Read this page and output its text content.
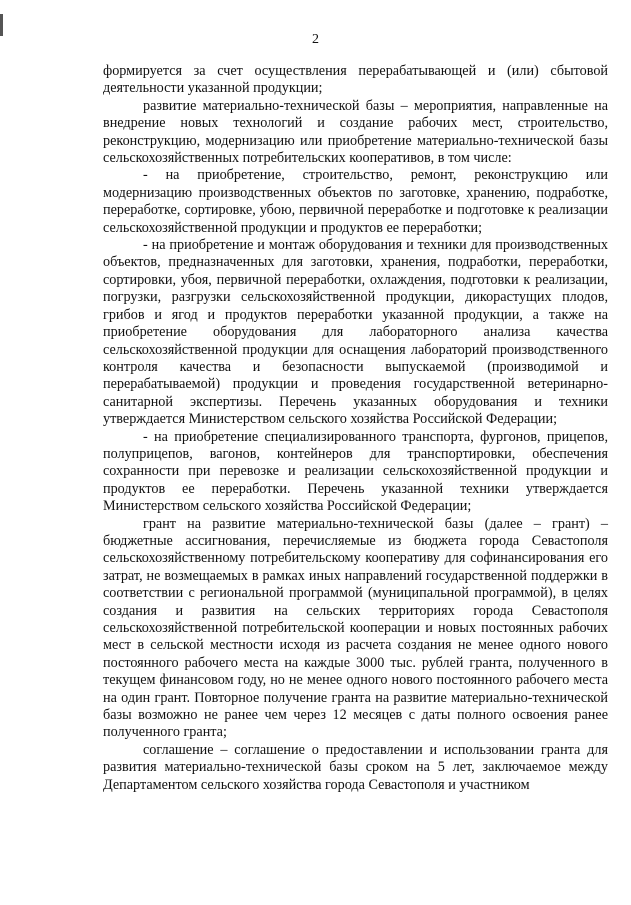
2

формируется за счет осуществления перерабатывающей и (или) сбытовой деятельности указанной продукции;

развитие материально-технической базы – мероприятия, направленные на внедрение новых технологий и создание рабочих мест, строительство, реконструкцию, модернизацию или приобретение материально-технической базы сельскохозяйственных потребительских кооперативов, в том числе:

- на приобретение, строительство, ремонт, реконструкцию или модернизацию производственных объектов по заготовке, хранению, подработке, переработке, сортировке, убою, первичной переработке и подготовке к реализации сельскохозяйственной продукции и продуктов ее переработки;

- на приобретение и монтаж оборудования и техники для производственных объектов, предназначенных для заготовки, хранения, подработки, переработки, сортировки, убоя, первичной переработки, охлаждения, подготовки к реализации, погрузки, разгрузки сельскохозяйственной продукции, дикорастущих плодов, грибов и ягод и продуктов переработки указанной продукции, а также на приобретение оборудования для лабораторного анализа качества сельскохозяйственной продукции для оснащения лабораторий производственного контроля качества и безопасности выпускаемой (производимой и перерабатываемой) продукции и проведения государственной ветеринарно-санитарной экспертизы. Перечень указанных оборудования и техники утверждается Министерством сельского хозяйства Российской Федерации;

- на приобретение специализированного транспорта, фургонов, прицепов, полуприцепов, вагонов, контейнеров для транспортировки, обеспечения сохранности при перевозке и реализации сельскохозяйственной продукции и продуктов ее переработки. Перечень указанной техники утверждается Министерством сельского хозяйства Российской Федерации;

грант на развитие материально-технической базы (далее – грант) – бюджетные ассигнования, перечисляемые из бюджета города Севастополя сельскохозяйственному потребительскому кооперативу для софинансирования его затрат, не возмещаемых в рамках иных направлений государственной поддержки в соответствии с региональной программой (муниципальной программой), в целях создания и развития на сельских территориях города Севастополя сельскохозяйственной потребительской кооперации и новых постоянных рабочих мест в сельской местности исходя из расчета создания не менее одного нового постоянного рабочего места на каждые 3000 тыс. рублей гранта, полученного в текущем финансовом году, но не менее одного нового постоянного рабочего места на один грант. Повторное получение гранта на развитие материально-технической базы возможно не ранее чем через 12 месяцев с даты полного освоения ранее полученного гранта;

соглашение – соглашение о предоставлении и использовании гранта для развития материально-технической базы сроком на 5 лет, заключаемое между Департаментом сельского хозяйства города Севастополя и участником
